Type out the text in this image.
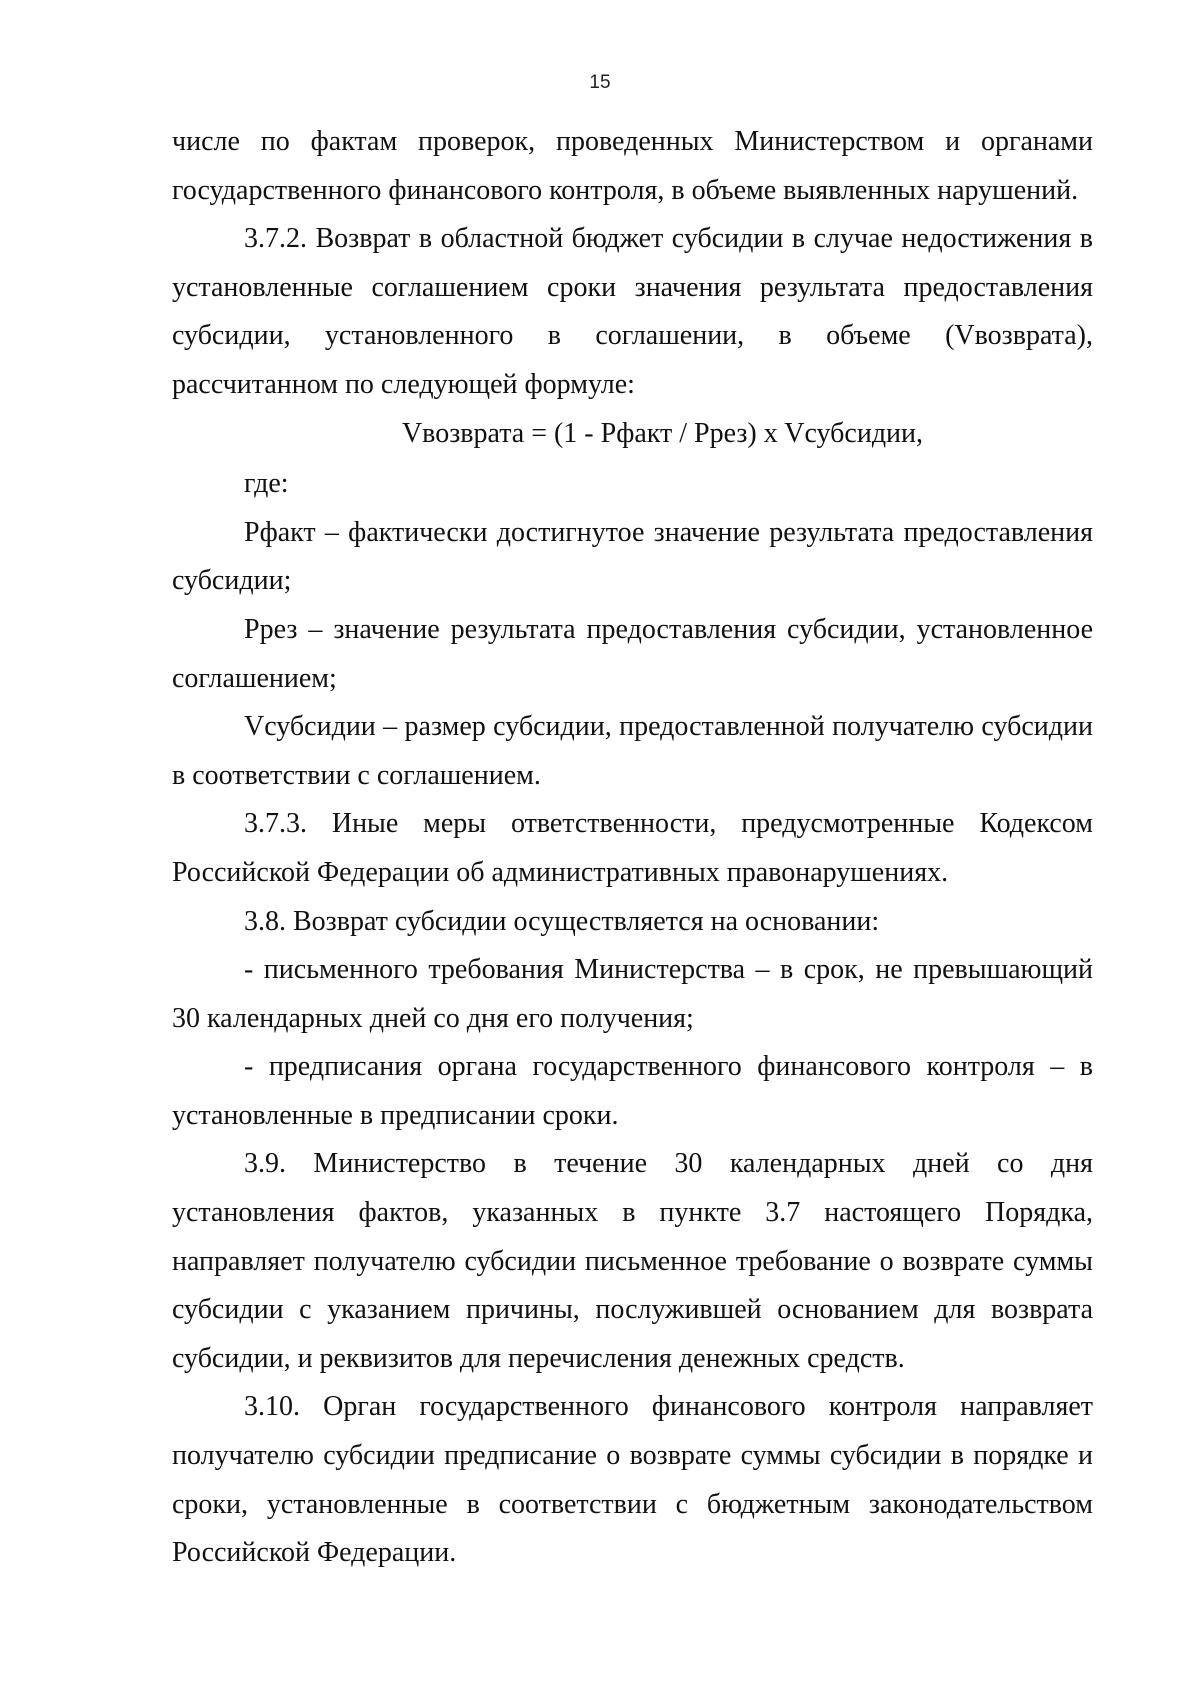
15

числе по фактам проверок, проведенных Министерством и органами государственного финансового контроля, в объеме выявленных нарушений.

3.7.2. Возврат в областной бюджет субсидии в случае недостижения в установленные соглашением сроки значения результата предоставления субсидии, установленного в соглашении, в объеме (Vвозврата), рассчитанном по следующей формуле:

Vвозврата = (1 - Рфакт / Ррез) x Vсубсидии,

где:

Рфакт – фактически достигнутое значение результата предоставления субсидии;

Ррез – значение результата предоставления субсидии, установленное соглашением;

Vсубсидии – размер субсидии, предоставленной получателю субсидии в соответствии с соглашением.

3.7.3. Иные меры ответственности, предусмотренные Кодексом Российской Федерации об административных правонарушениях.

3.8. Возврат субсидии осуществляется на основании:

- письменного требования Министерства – в срок, не превышающий 30 календарных дней со дня его получения;

- предписания органа государственного финансового контроля – в установленные в предписании сроки.

3.9. Министерство в течение 30 календарных дней со дня установления фактов, указанных в пункте 3.7 настоящего Порядка, направляет получателю субсидии письменное требование о возврате суммы субсидии с указанием причины, послужившей основанием для возврата субсидии, и реквизитов для перечисления денежных средств.

3.10. Орган государственного финансового контроля направляет получателю субсидии предписание о возврате суммы субсидии в порядке и сроки, установленные в соответствии с бюджетным законодательством Российской Федерации.
